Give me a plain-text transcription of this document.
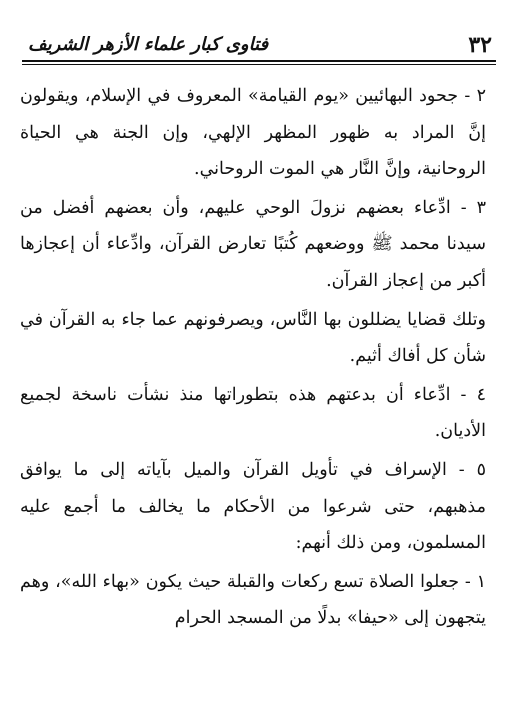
٣٢
فتاوى كبار علماء الأزهر الشريف

٢ - جحود البهائيين «يوم القيامة» المعروف في الإسلام، ويقولون إنَّ المراد به ظهور المظهر الإلهي، وإن الجنة هي الحياة الروحانية، وإنَّ النَّار هي الموت الروحاني.

٣ - ادِّعاء بعضهم نزولَ الوحي عليهم، وأن بعضهم أفضل من سيدنا محمد ﷺ ووضعهم كُتبًا تعارض القرآن، وادِّعاء أن إعجازها أكبر من إعجاز القرآن.

وتلك قضايا يضللون بها النَّاس، ويصرفونهم عما جاء به القرآن في شأن كل أفاك أثيم.

٤ - ادِّعاء أن بدعتهم هذه بتطوراتها منذ نشأت ناسخة لجميع الأديان.

٥ - الإسراف في تأويل القرآن والميل بآياته إلى ما يوافق مذهبهم، حتى شرعوا من الأحكام ما يخالف ما أجمع عليه المسلمون، ومن ذلك أنهم:

١ - جعلوا الصلاة تسع ركعات والقبلة حيث يكون «بهاء الله»، وهم يتجهون إلى «حيفا» بدلًا من المسجد الحرام
